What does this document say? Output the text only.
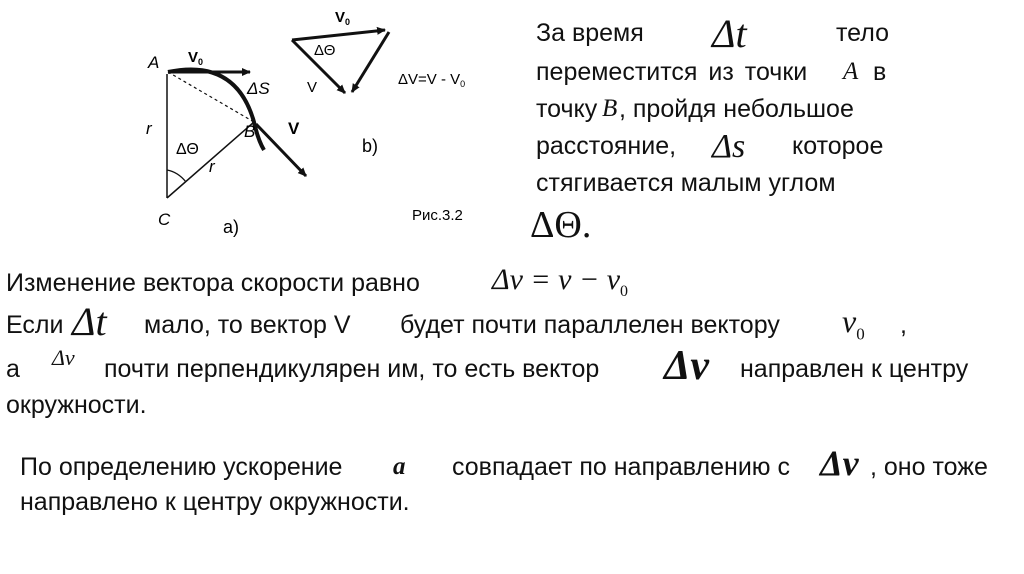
A $V_0$
ΔS
B V
r
ΔΘ
r
C	a)
$V_0$
ΔΘ
V	$\Delta V=V - V_0$
b)
Рис.3.2
За время Δt	тело
переместится из точки A в
точку B , пройдя небольшое
расстояние, Δs которое
стягивается малым углом
ΔΘ.
Изменение вектора скорости равно $\Delta v = v - v_0$
Если Δt мало, то вектор V будет почти параллелен вектору $v_0$ ,
а Δv почти перпендикулярен им, то есть вектор Δv направлен к центру
окружности.
По определению ускорение a совпадает по направлению с Δv , оно тоже
направлено к центру окружности.
